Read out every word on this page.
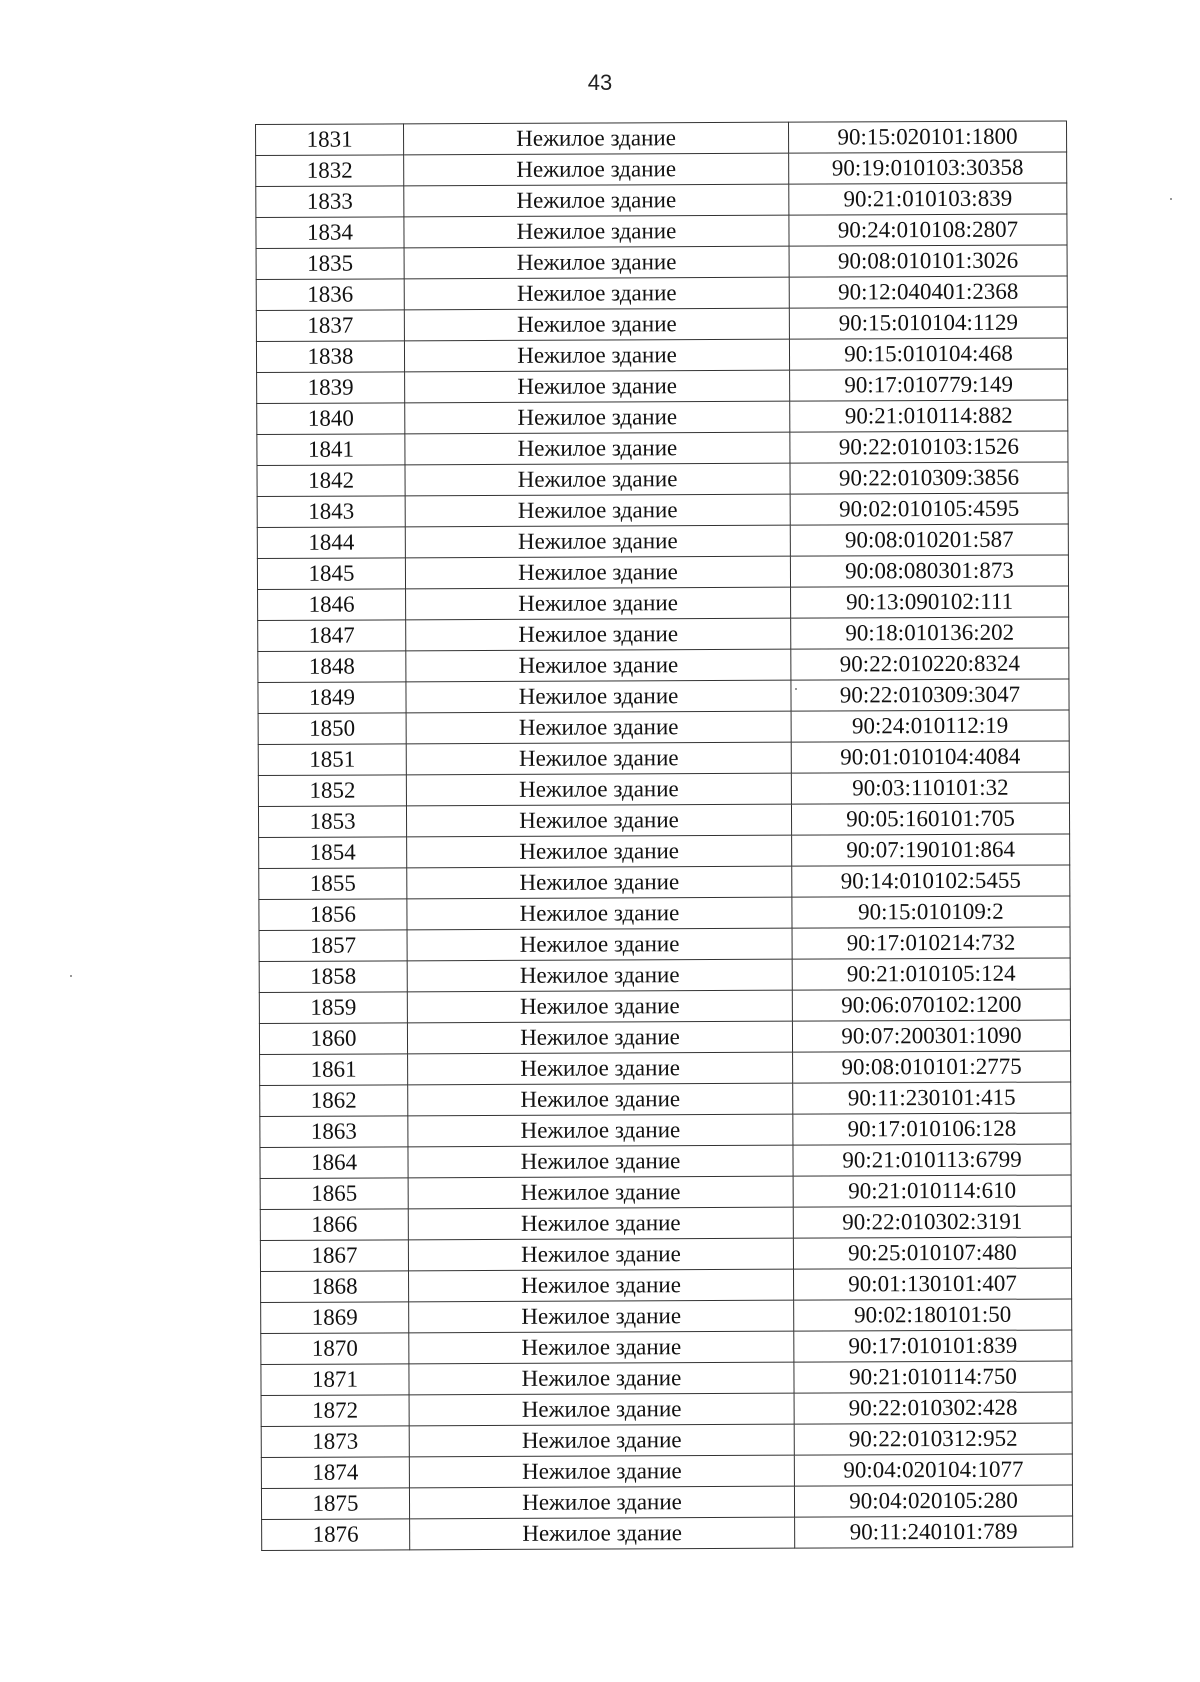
43
1831	Нежилое здание	90:15:020101:1800
1832	Нежилое здание	90:19:010103:30358
1833	Нежилое здание	90:21:010103:839
1834	Нежилое здание	90:24:010108:2807
1835	Нежилое здание	90:08:010101:3026
1836	Нежилое здание	90:12:040401:2368
1837	Нежилое здание	90:15:010104:1129
1838	Нежилое здание	90:15:010104:468
1839	Нежилое здание	90:17:010779:149
1840	Нежилое здание	90:21:010114:882
1841	Нежилое здание	90:22:010103:1526
1842	Нежилое здание	90:22:010309:3856
1843	Нежилое здание	90:02:010105:4595
1844	Нежилое здание	90:08:010201:587
1845	Нежилое здание	90:08:080301:873
1846	Нежилое здание	90:13:090102:111
1847	Нежилое здание	90:18:010136:202
1848	Нежилое здание	90:22:010220:8324
1849	Нежилое здание	90:22:010309:3047
1850	Нежилое здание	90:24:010112:19
1851	Нежилое здание	90:01:010104:4084
1852	Нежилое здание	90:03:110101:32
1853	Нежилое здание	90:05:160101:705
1854	Нежилое здание	90:07:190101:864
1855	Нежилое здание	90:14:010102:5455
1856	Нежилое здание	90:15:010109:2
1857	Нежилое здание	90:17:010214:732
1858	Нежилое здание	90:21:010105:124
1859	Нежилое здание	90:06:070102:1200
1860	Нежилое здание	90:07:200301:1090
1861	Нежилое здание	90:08:010101:2775
1862	Нежилое здание	90:11:230101:415
1863	Нежилое здание	90:17:010106:128
1864	Нежилое здание	90:21:010113:6799
1865	Нежилое здание	90:21:010114:610
1866	Нежилое здание	90:22:010302:3191
1867	Нежилое здание	90:25:010107:480
1868	Нежилое здание	90:01:130101:407
1869	Нежилое здание	90:02:180101:50
1870	Нежилое здание	90:17:010101:839
1871	Нежилое здание	90:21:010114:750
1872	Нежилое здание	90:22:010302:428
1873	Нежилое здание	90:22:010312:952
1874	Нежилое здание	90:04:020104:1077
1875	Нежилое здание	90:04:020105:280
1876	Нежилое здание	90:11:240101:789
